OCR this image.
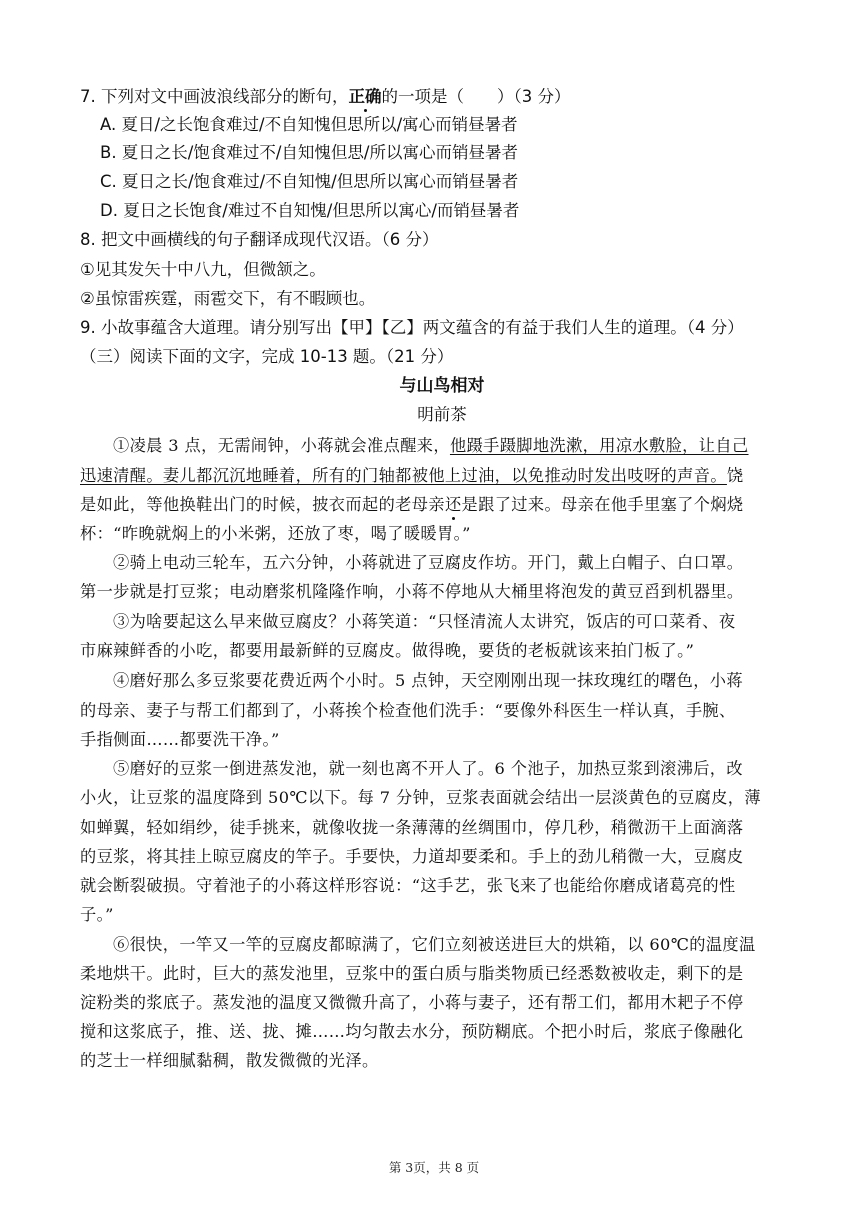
7. 下列对文中画波浪线部分的断句，正确的一项是（　　）（3 分）
A. 夏日/之长饱食难过/不自知愧但思所以/寓心而销昼暑者
B. 夏日之长/饱食难过不/自知愧但思/所以寓心而销昼暑者
C. 夏日之长/饱食难过/不自知愧/但思所以寓心而销昼暑者
D. 夏日之长饱食/难过不自知愧/但思所以寓心/而销昼暑者
8. 把文中画横线的句子翻译成现代汉语。（6 分）
①见其发矢十中八九，但微颔之。
②虽惊雷疾霆，雨雹交下，有不暇顾也。
9. 小故事蕴含大道理。请分别写出【甲】【乙】两文蕴含的有益于我们人生的道理。（4 分）
（三）阅读下面的文字，完成 10-13 题。（21 分）
与山鸟相对
明前茶
①凌晨 3 点，无需闹钟，小蒋就会准点醒来，他蹑手蹑脚地洗漱，用凉水敷脸，让自己
迅速清醒。妻儿都沉沉地睡着，所有的门轴都被他上过油，以免推动时发出吱呀的声音。饶
是如此，等他换鞋出门的时候，披衣而起的老母亲还是跟了过来。母亲在他手里塞了个焖烧
杯：“昨晚就焖上的小米粥，还放了枣，喝了暖暖胃。”
②骑上电动三轮车，五六分钟，小蒋就进了豆腐皮作坊。开门，戴上白帽子、白口罩。
第一步就是打豆浆；电动磨浆机隆隆作响，小蒋不停地从大桶里将泡发的黄豆舀到机器里。
③为啥要起这么早来做豆腐皮？小蒋笑道：“只怪清流人太讲究，饭店的可口菜肴、夜
市麻辣鲜香的小吃，都要用最新鲜的豆腐皮。做得晚，要货的老板就该来拍门板了。”
④磨好那么多豆浆要花费近两个小时。5 点钟，天空刚刚出现一抹玫瑰红的曙色，小蒋
的母亲、妻子与帮工们都到了，小蒋挨个检查他们洗手：“要像外科医生一样认真，手腕、
手指侧面……都要洗干净。”
⑤磨好的豆浆一倒进蒸发池，就一刻也离不开人了。6 个池子，加热豆浆到滚沸后，改
小火，让豆浆的温度降到 50℃以下。每 7 分钟，豆浆表面就会结出一层淡黄色的豆腐皮，薄
如蝉翼，轻如绢纱，徒手挑来，就像收拢一条薄薄的丝绸围巾，停几秒，稍微沥干上面滴落
的豆浆，将其挂上晾豆腐皮的竿子。手要快，力道却要柔和。手上的劲儿稍微一大，豆腐皮
就会断裂破损。守着池子的小蒋这样形容说：“这手艺，张飞来了也能给你磨成诸葛亮的性
子。”
⑥很快，一竿又一竿的豆腐皮都晾满了，它们立刻被送进巨大的烘箱，以 60℃的温度温
柔地烘干。此时，巨大的蒸发池里，豆浆中的蛋白质与脂类物质已经悉数被收走，剩下的是
淀粉类的浆底子。蒸发池的温度又微微升高了，小蒋与妻子，还有帮工们，都用木耙子不停
搅和这浆底子，推、送、拢、摊……均匀散去水分，预防糊底。个把小时后，浆底子像融化
的芝士一样细腻黏稠，散发微微的光泽。
第 3页，共 8 页
